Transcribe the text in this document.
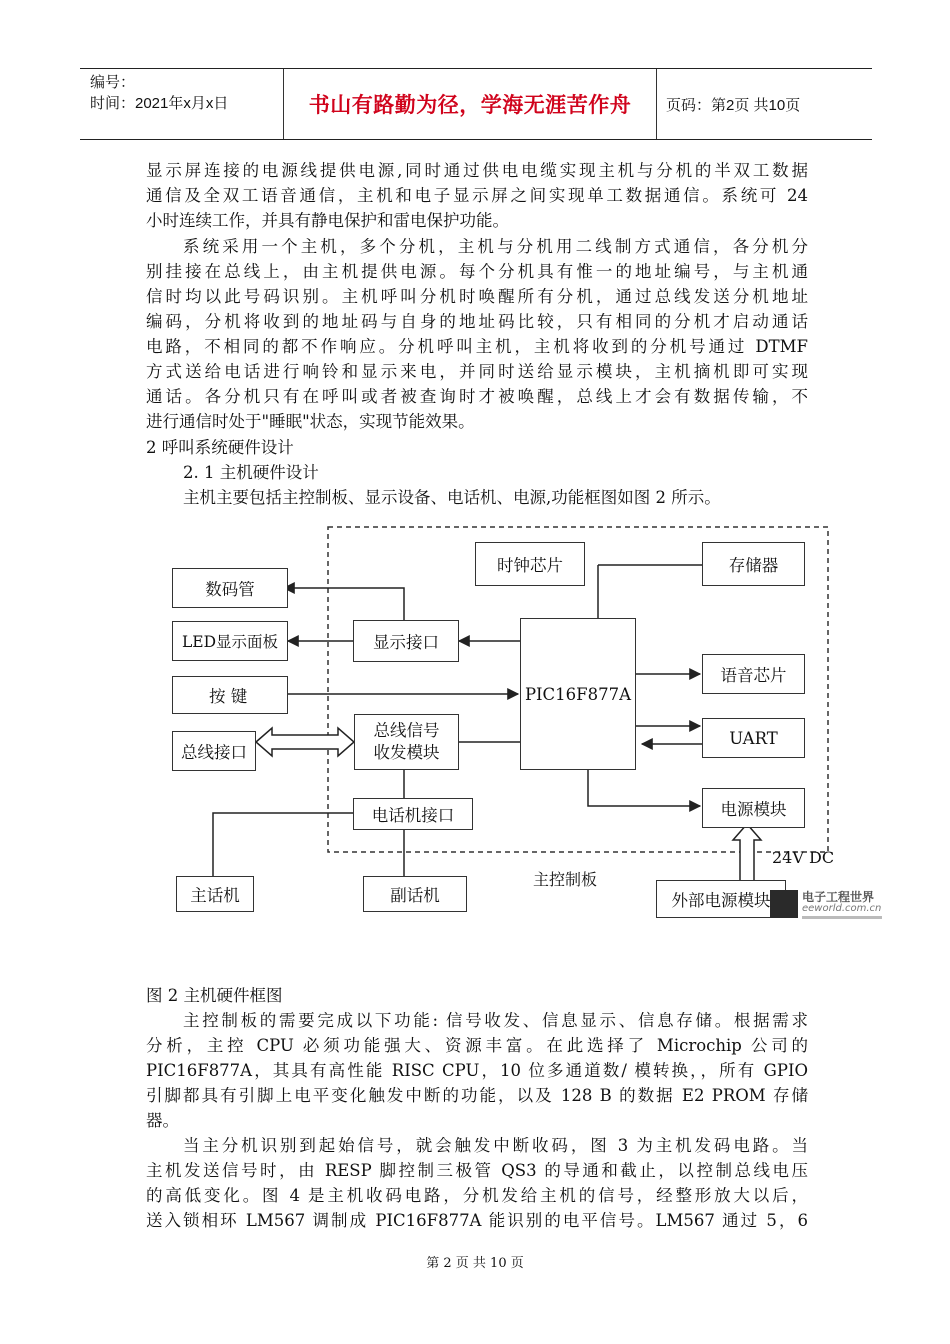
编号：
时间：2021年x月x日	书山有路勤为径，学海无涯苦作舟	页码：第2页 共10页
显示屏连接的电源线提供电源,同时通过供电电缆实现主机与分机的半双工数据
通信及全双工语音通信，主机和电子显示屏之间实现单工数据通信。系统可 24
小时连续工作，并具有静电保护和雷电保护功能。
系统采用一个主机，多个分机，主机与分机用二线制方式通信，各分机分
别挂接在总线上，由主机提供电源。每个分机具有惟一的地址编号，与主机通
信时均以此号码识别。主机呼叫分机时唤醒所有分机，通过总线发送分机地址
编码，分机将收到的地址码与自身的地址码比较，只有相同的分机才启动通话
电路，不相同的都不作响应。分机呼叫主机，主机将收到的分机号通过 DTMF
方式送给电话进行响铃和显示来电，并同时送给显示模块，主机摘机即可实现
通话。各分机只有在呼叫或者被查询时才被唤醒，总线上才会有数据传输，不
进行通信时处于"睡眠"状态，实现节能效果。
2 呼叫系统硬件设计
2. 1 主机硬件设计
主机主要包括主控制板、显示设备、电话机、电源,功能框图如图 2 所示。
时钟芯片	存储器
数码管
LED显示面板	显示接口
PIC16F877A
按 键
语音芯片
UART
总线接口
总线信号
收发模块
电话机接口	电源模块
主话机	副话机	外部电源模块
24V DC
主控制板
电子工程世界
eeworld.com.cn
图 2 主机硬件框图
主控制板的需要完成以下功能: 信号收发、信息显示、信息存储。根据需求
分析，主控 CPU 必须功能强大、资源丰富。在此选择了 Microchip 公司的
PIC16F877A，其具有高性能 RISC CPU，10 位多通道数/ 模转换，，所有 GPIO
引脚都具有引脚上电平变化触发中断的功能，以及 128 B 的数据 E2 PROM 存储
器。
当主分机识别到起始信号，就会触发中断收码，图 3 为主机发码电路。当
主机发送信号时，由 RESP 脚控制三极管 QS3 的导通和截止，以控制总线电压
的高低变化。图 4 是主机收码电路，分机发给主机的信号，经整形放大以后，
送入锁相环 LM567 调制成 PIC16F877A 能识别的电平信号。LM567 通过 5，6
第 2 页 共 10 页
